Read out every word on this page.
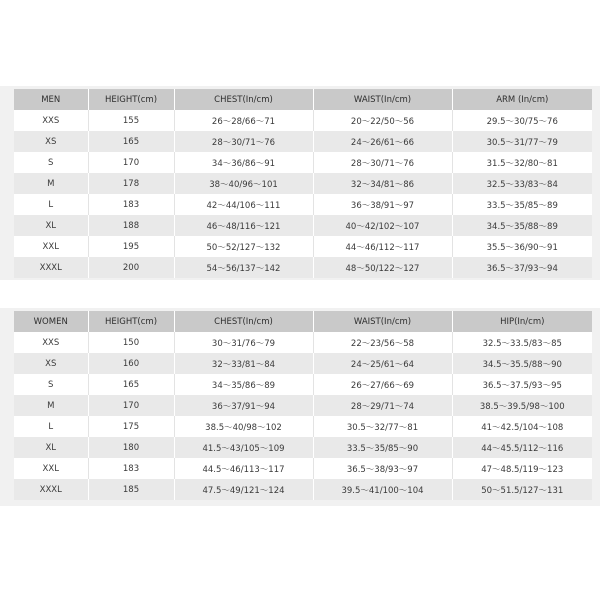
MEN	HEIGHT(cm)	CHEST(In/cm)	WAIST(In/cm)	ARM (In/cm)
XXS	155	26～28/66～71	20～22/50～56	29.5～30/75～76
XS	165	28～30/71～76	24～26/61～66	30.5～31/77～79
S	170	34～36/86～91	28～30/71～76	31.5～32/80～81
M	178	38～40/96～101	32～34/81～86	32.5～33/83～84
L	183	42～44/106～111	36～38/91～97	33.5～35/85～89
XL	188	46～48/116～121	40～42/102～107	34.5～35/88～89
XXL	195	50～52/127～132	44～46/112～117	35.5～36/90～91
XXXL	200	54～56/137～142	48～50/122～127	36.5～37/93～94
WOMEN	HEIGHT(cm)	CHEST(In/cm)	WAIST(In/cm)	HIP(In/cm)
XXS	150	30～31/76～79	22～23/56～58	32.5～33.5/83～85
XS	160	32～33/81～84	24～25/61～64	34.5～35.5/88～90
S	165	34～35/86～89	26～27/66～69	36.5～37.5/93～95
M	170	36～37/91～94	28～29/71～74	38.5～39.5/98～100
L	175	38.5～40/98～102	30.5～32/77～81	41～42.5/104～108
XL	180	41.5～43/105～109	33.5～35/85～90	44～45.5/112～116
XXL	183	44.5～46/113～117	36.5～38/93～97	47～48.5/119～123
XXXL	185	47.5～49/121～124	39.5～41/100～104	50～51.5/127～131
